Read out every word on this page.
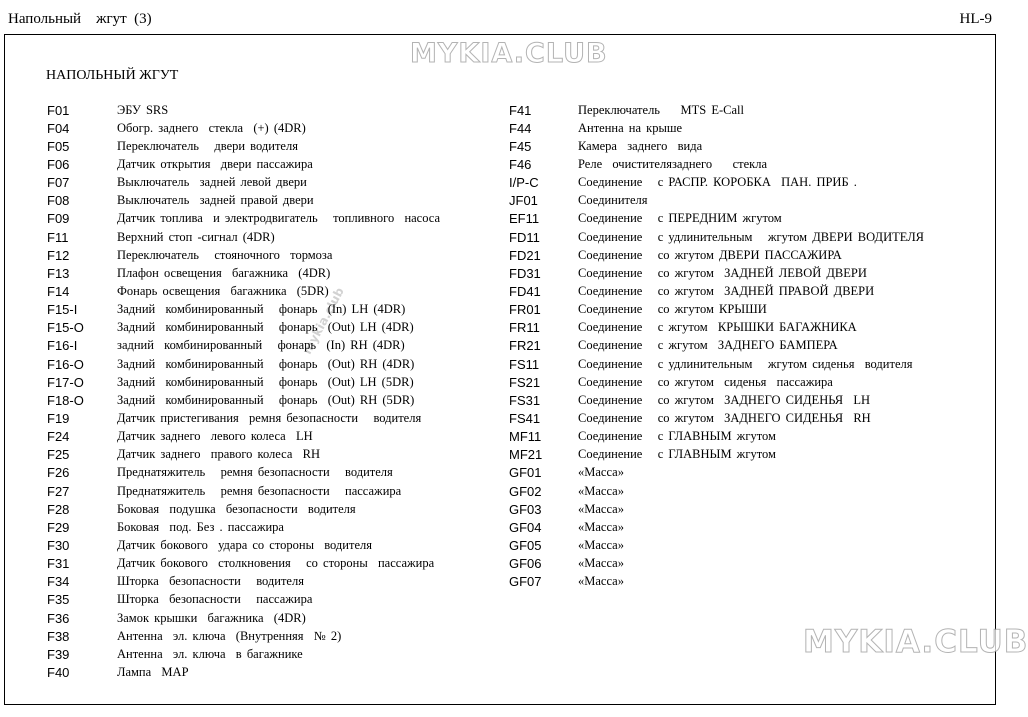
Напольный    жгут  (3)	HL-9
MYKIA.CLUB
mykia.club
НАПОЛЬНЫЙ ЖГУТ
F01	ЭБУ SRS
F04	Обогр. заднего  стекла  (+) (4DR)
F05	Переключатель   двери водителя
F06	Датчик открытия  двери пассажира
F07	Выключатель  задней левой двери
F08	Выключатель  задней правой двери
F09	Датчик топлива  и электродвигатель   топливного  насоса
F11	Верхний стоп -сигнал (4DR)
F12	Переключатель   стояночного  тормоза
F13	Плафон освещения  багажника  (4DR)
F14	Фонарь освещения  багажника  (5DR)
F15-I	Задний  комбинированный   фонарь  (In) LH (4DR)
F15-O	Задний  комбинированный   фонарь  (Out) LH (4DR)
F16-I	задний  комбинированный   фонарь  (In) RH (4DR)
F16-O	Задний  комбинированный   фонарь  (Out) RH (4DR)
F17-O	Задний  комбинированный   фонарь  (Out) LH (5DR)
F18-O	Задний  комбинированный   фонарь  (Out) RH (5DR)
F19	Датчик пристегивания  ремня безопасности   водителя
F24	Датчик заднего  левого колеса  LH
F25	Датчик заднего  правого колеса  RH
F26	Преднатяжитель   ремня безопасности   водителя
F27	Преднатяжитель   ремня безопасности   пассажира
F28	Боковая  подушка  безопасности  водителя
F29	Боковая  под. Без . пассажира
F30	Датчик бокового  удара со стороны  водителя
F31	Датчик бокового  столкновения   со стороны  пассажира
F34	Шторка  безопасности   водителя
F35	Шторка  безопасности   пассажира
F36	Замок крышки  багажника  (4DR)
F38	Антенна  эл. ключа  (Внутренняя  № 2)
F39	Антенна  эл. ключа  в багажнике
F40	Лампа  MAP
F41	Переключатель    MTS E-Call
F44	Антенна на крыше
F45	Камера  заднего  вида
F46	Реле  очистителязаднего    стекла
I/P-C	Соединение   с РАСПР. КОРОБКА  ПАН. ПРИБ .
JF01	Соединителя
EF11	Соединение   с ПЕРЕДНИМ жгутом
FD11	Соединение   с удлинительным   жгутом ДВЕРИ ВОДИТЕЛЯ
FD21	Соединение   со жгутом ДВЕРИ ПАССАЖИРА
FD31	Соединение   со жгутом  ЗАДНЕЙ ЛЕВОЙ ДВЕРИ
FD41	Соединение   со жгутом  ЗАДНЕЙ ПРАВОЙ ДВЕРИ
FR01	Соединение   со жгутом КРЫШИ
FR11	Соединение   с жгутом  КРЫШКИ БАГАЖНИКА
FR21	Соединение   с жгутом  ЗАДНЕГО БАМПЕРА
FS11	Соединение   с удлинительным   жгутом сиденья  водителя
FS21	Соединение   со жгутом  сиденья  пассажира
FS31	Соединение   со жгутом  ЗАДНЕГО СИДЕНЬЯ  LH
FS41	Соединение   со жгутом  ЗАДНЕГО СИДЕНЬЯ  RH
MF11	Соединение   с ГЛАВНЫМ жгутом
MF21	Соединение   с ГЛАВНЫМ жгутом
GF01	«Масса»
GF02	«Масса»
GF03	«Масса»
GF04	«Масса»
GF05	«Масса»
GF06	«Масса»
GF07	«Масса»
MYKIA.CLUB
